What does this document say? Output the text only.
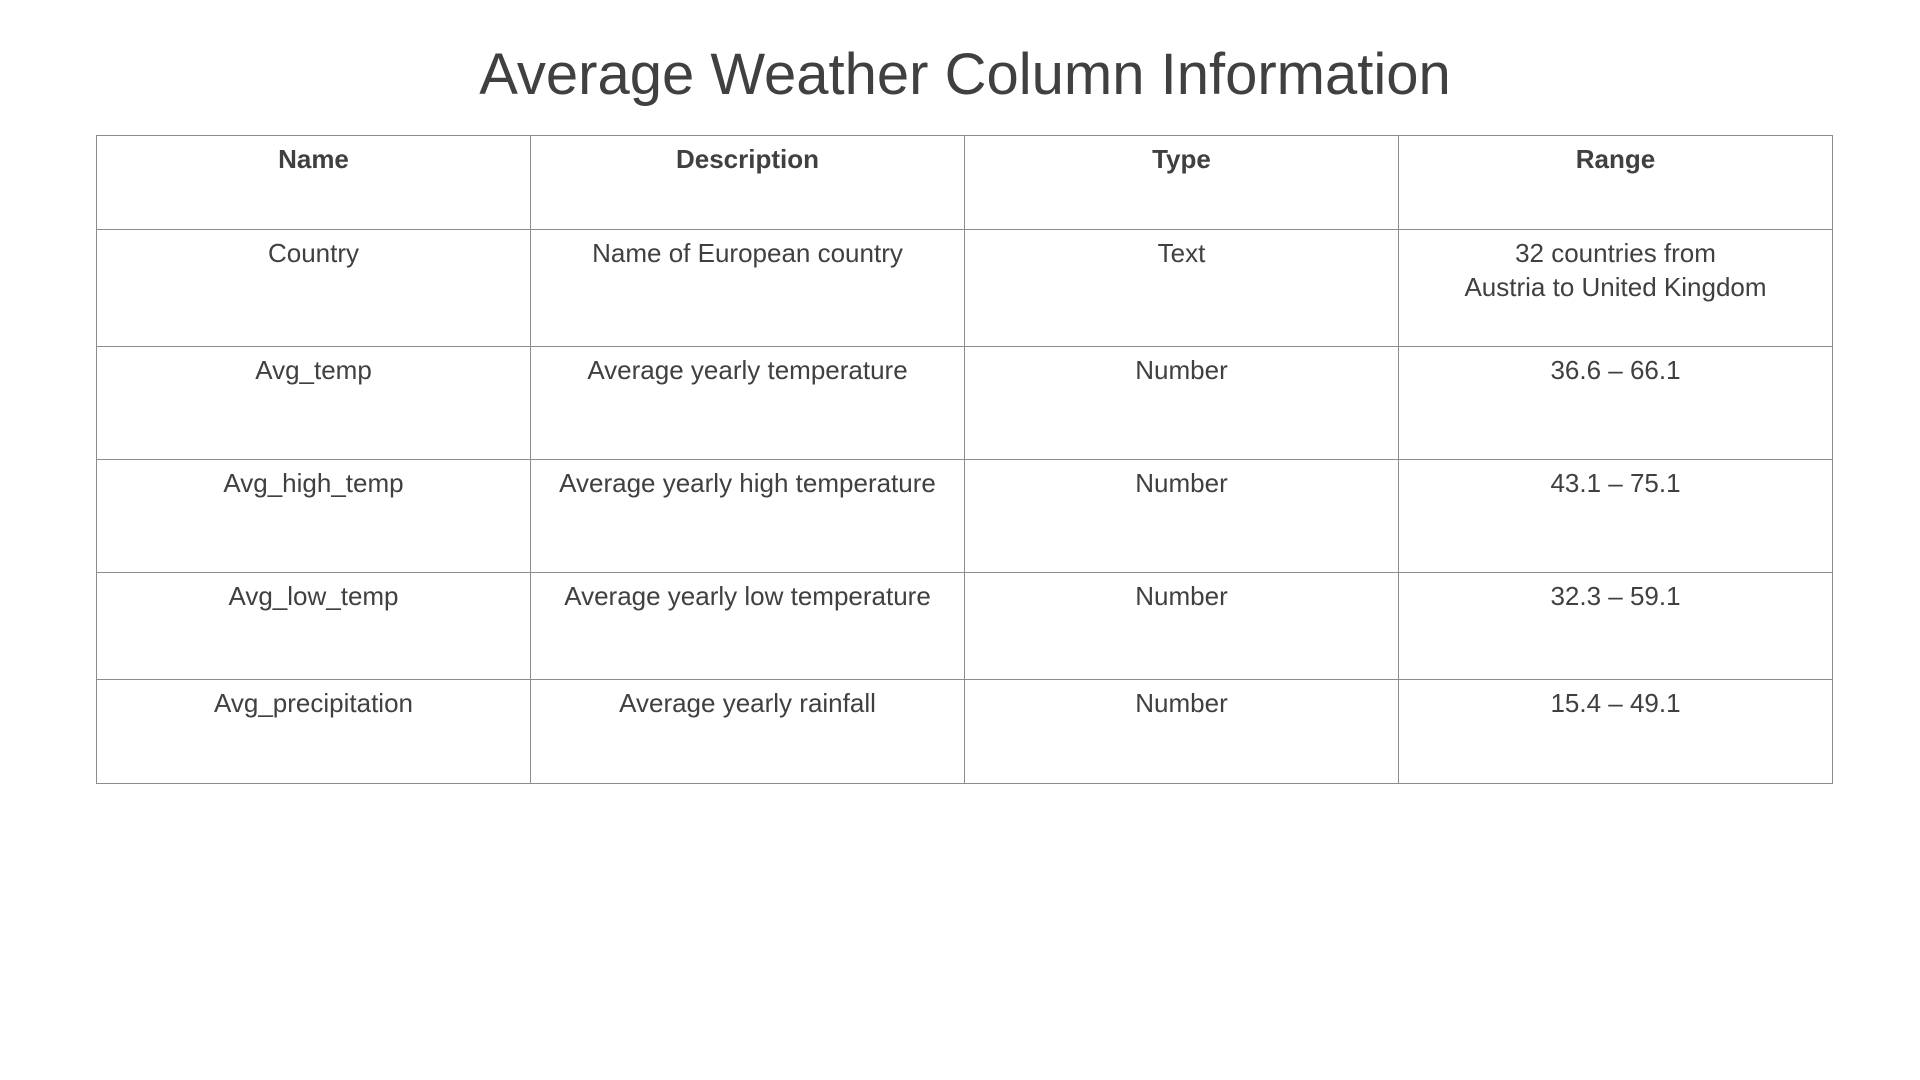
Average Weather Column Information
Name	Description	Type	Range
Country	Name of European country	Text	32 countries from
Austria to United Kingdom
Avg_temp	Average yearly temperature	Number	36.6 – 66.1
Avg_high_temp	Average yearly high temperature	Number	43.1 – 75.1
Avg_low_temp	Average yearly low temperature	Number	32.3 – 59.1
Avg_precipitation	Average yearly rainfall	Number	15.4 – 49.1
